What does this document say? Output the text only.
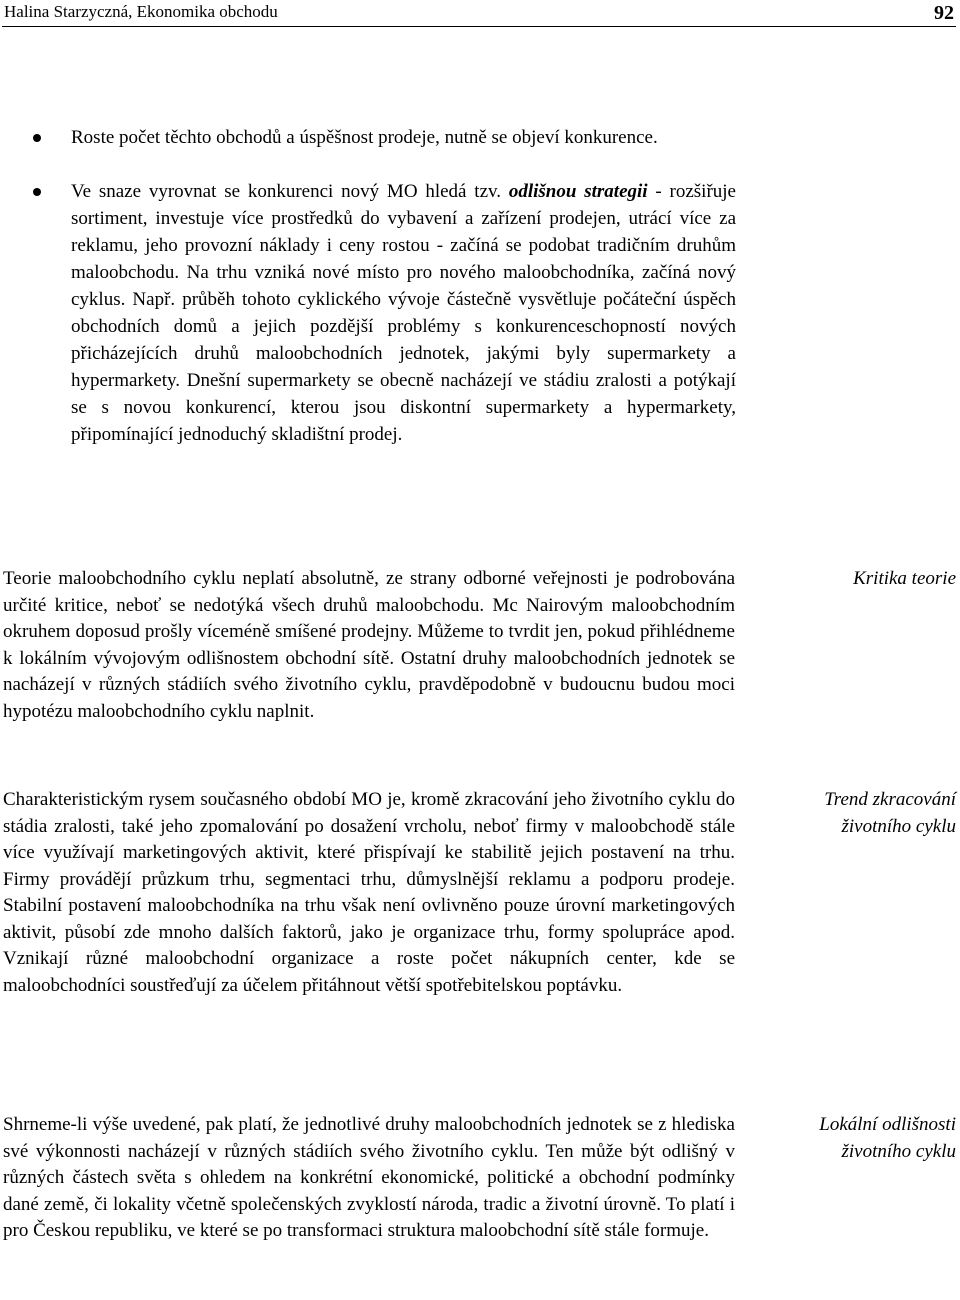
Halina Starzyczná, Ekonomika obchodu	92
Roste počet těchto obchodů a úspěšnost prodeje, nutně se objeví konkurence.
Ve snaze vyrovnat se konkurenci nový MO hledá tzv. odlišnou strategii - rozšiřuje sortiment, investuje více prostředků do vybavení a zařízení prodejen, utrácí více za reklamu, jeho provozní náklady i ceny rostou - začíná se podobat tradičním druhům maloobchodu. Na trhu vzniká nové místo pro nového maloobchodníka, začíná nový cyklus. Např. průběh tohoto cyklického vývoje částečně vysvětluje počáteční úspěch obchodních domů a jejich pozdější problémy s konkurenceschopností nových přicházejících druhů maloobchodních jednotek, jakými byly supermarkety a hypermarkety. Dnešní supermarkety se obecně nacházejí ve stádiu zralosti a potýkají se s novou konkurencí, kterou jsou diskontní supermarkety a hypermarkety, připomínající jednoduchý skladištní prodej.

Teorie maloobchodního cyklu neplatí absolutně, ze strany odborné veřejnosti je podrobována určité kritice, neboť se nedotýká všech druhů maloobchodu. Mc Nairovým maloobchodním okruhem doposud prošly víceméně smíšené prodejny. Můžeme to tvrdit jen, pokud přihlédneme k lokálním vývojovým odlišnostem obchodní sítě. Ostatní druhy maloobchodních jednotek se nacházejí v různých stádiích svého životního cyklu, pravděpodobně v budoucnu budou moci hypotézu maloobchodního cyklu naplnit.

Kritika teorie

Charakteristickým rysem současného období MO je, kromě zkracování jeho životního cyklu do stádia zralosti, také jeho zpomalování po dosažení vrcholu, neboť firmy v maloobchodě stále více využívají marketingových aktivit, které přispívají ke stabilitě jejich postavení na trhu. Firmy provádějí průzkum trhu, segmentaci trhu, důmyslnější reklamu a podporu prodeje. Stabilní postavení maloobchodníka na trhu však není ovlivněno pouze úrovní marketingových aktivit, působí zde mnoho dalších faktorů, jako je organizace trhu, formy spolupráce apod. Vznikají různé maloobchodní organizace a roste počet nákupních center, kde se maloobchodníci soustřeďují za účelem přitáhnout větší spotřebitelskou poptávku.

Trend zkracování životního cyklu

Shrneme-li výše uvedené, pak platí, že jednotlivé druhy maloobchodních jednotek se z hlediska své výkonnosti nacházejí v různých stádiích svého životního cyklu. Ten může být odlišný v různých částech světa s ohledem na konkrétní ekonomické, politické a obchodní podmínky dané země, či lokality včetně společenských zvyklostí národa, tradic a životní úrovně. To platí i pro Českou republiku, ve které se po transformaci struktura maloobchodní sítě stále formuje.

Lokální odlišnosti životního cyklu
